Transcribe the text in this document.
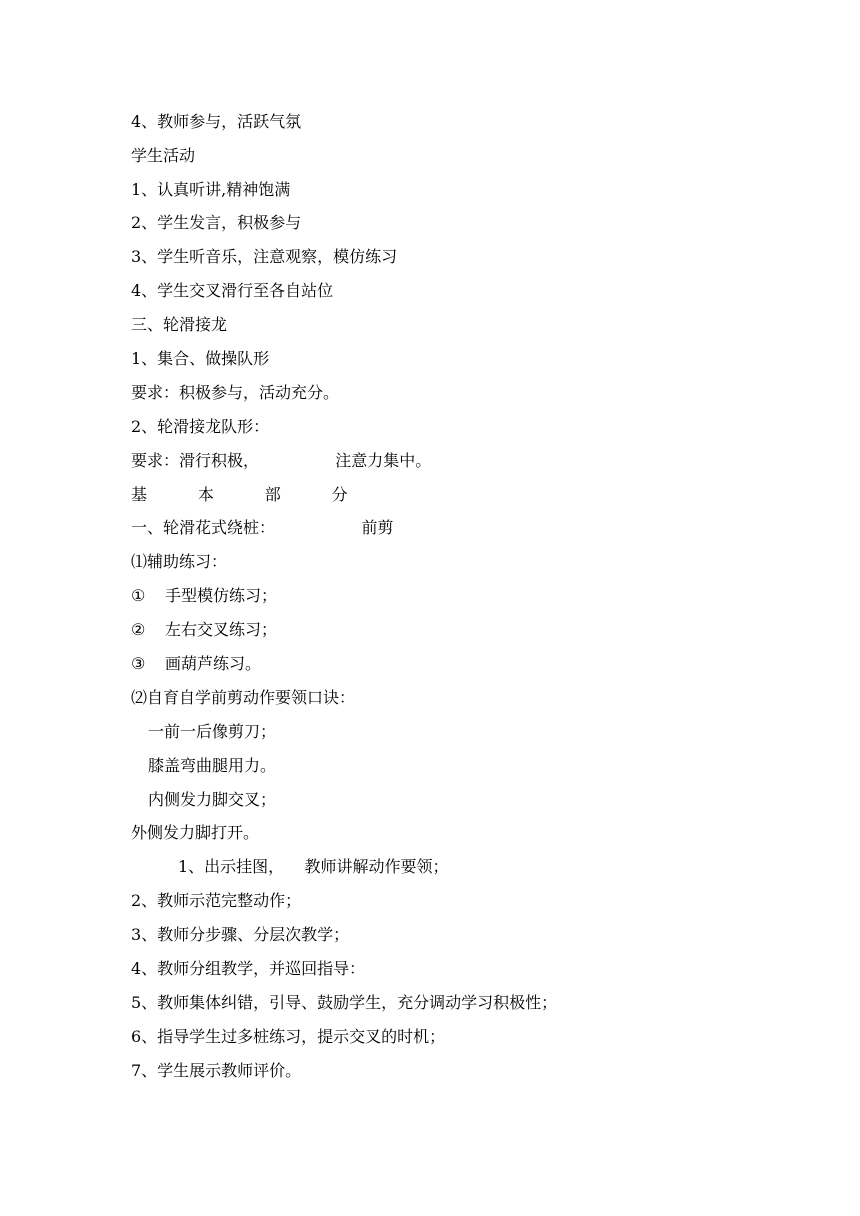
4、教师参与，活跃气氛
学生活动
1、认真听讲,精神饱满
2、学生发言，积极参与
3、学生听音乐，注意观察，模仿练习
4、学生交叉滑行至各自站位
三、轮滑接龙
1、集合、做操队形
要求：积极参与，活动充分。
2、轮滑接龙队形：
要求：滑行积极，               注意力集中。
基          本          部          分
一、轮滑花式绕桩：                 前剪
⑴辅助练习：
① 手型模仿练习；
② 左右交叉练习；
③ 画葫芦练习。
⑵自育自学前剪动作要领口诀：
一前一后像剪刀；
膝盖弯曲腿用力。
内侧发力脚交叉；
外侧发力脚打开。
1、出示挂图，    教师讲解动作要领；
2、教师示范完整动作；
3、教师分步骤、分层次教学；
4、教师分组教学，并巡回指导：
5、教师集体纠错，引导、鼓励学生，充分调动学习积极性；
6、指导学生过多桩练习，提示交叉的时机；
7、学生展示教师评价。
